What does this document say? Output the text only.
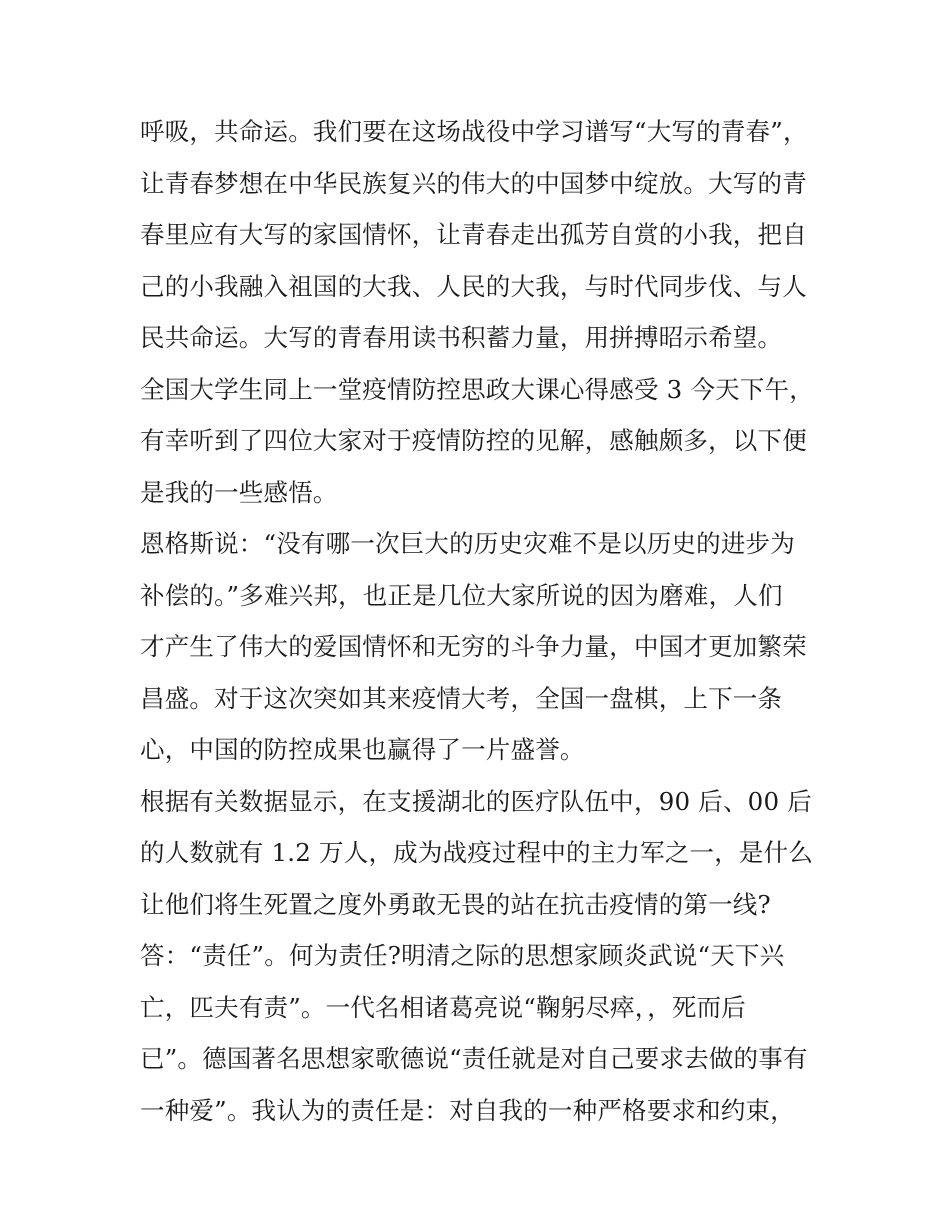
呼吸，共命运。我们要在这场战役中学习谱写“大写的青春”，
让青春梦想在中华民族复兴的伟大的中国梦中绽放。大写的青
春里应有大写的家国情怀，让青春走出孤芳自赏的小我，把自
己的小我融入祖国的大我、人民的大我，与时代同步伐、与人
民共命运。大写的青春用读书积蓄力量，用拼搏昭示希望。
全国大学生同上一堂疫情防控思政大课心得感受 3 今天下午，
有幸听到了四位大家对于疫情防控的见解，感触颇多，以下便
是我的一些感悟。
恩格斯说：“没有哪一次巨大的历史灾难不是以历史的进步为
补偿的。”多难兴邦，也正是几位大家所说的因为磨难，人们
才产生了伟大的爱国情怀和无穷的斗争力量，中国才更加繁荣
昌盛。对于这次突如其来疫情大考，全国一盘棋，上下一条
心，中国的防控成果也赢得了一片盛誉。
根据有关数据显示，在支援湖北的医疗队伍中，90 后、00 后
的人数就有 1.2 万人，成为战疫过程中的主力军之一，是什么
让他们将生死置之度外勇敢无畏的站在抗击疫情的第一线?
答：“责任”。何为责任?明清之际的思想家顾炎武说“天下兴
亡，匹夫有责”。一代名相诸葛亮说“鞠躬尽瘁，，死而后
已”。德国著名思想家歌德说“责任就是对自己要求去做的事有
一种爱”。我认为的责任是：对自我的一种严格要求和约束，
